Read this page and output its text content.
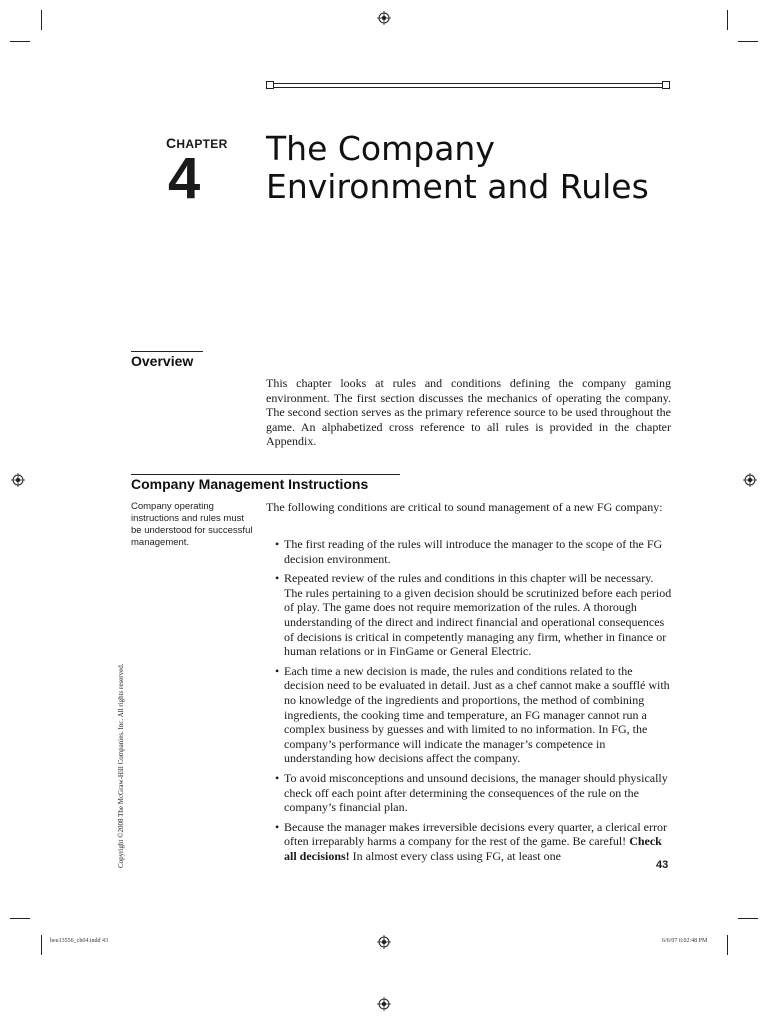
CHAPTER
4 The Company
Environment and Rules
Overview
This chapter looks at rules and conditions defining the company gaming environment. The first section discusses the mechanics of operating the company. The second section serves as the primary reference source to be used throughout the game. An alphabetized cross reference to all rules is provided in the chapter Appendix.
Company Management Instructions
Company operating instructions and rules must be understood for successful management.
The following conditions are critical to sound management of a new FG company:
• The first reading of the rules will introduce the manager to the scope of the FG decision environment.
• Repeated review of the rules and conditions in this chapter will be necessary. The rules pertaining to a given decision should be scrutinized before each period of play. The game does not require memorization of the rules. A thorough understanding of the direct and indirect financial and operational consequences of decisions is critical in competently managing any firm, whether in finance or human relations or in FinGame or General Electric.
• Each time a new decision is made, the rules and conditions related to the decision need to be evaluated in detail. Just as a chef cannot make a soufflé with no knowledge of the ingredients and proportions, the method of combining ingredients, the cooking time and temperature, an FG manager cannot run a complex business by guesses and with limited to no information. In FG, the company’s performance will indicate the manager’s competence in understanding how decisions affect the company.
• To avoid misconceptions and unsound decisions, the manager should physically check off each point after determining the consequences of the rule on the company’s financial plan.
• Because the manager makes irreversible decisions every quarter, a clerical error often irreparably harms a company for the rest of the game. Be careful! Check all decisions! In almost every class using FG, at least one
Copyright ©2008 The McGraw-Hill Companies, Inc. All rights reserved.	43
beu13556_ch04.indd 43	6/6/07 6:02:48 PM
